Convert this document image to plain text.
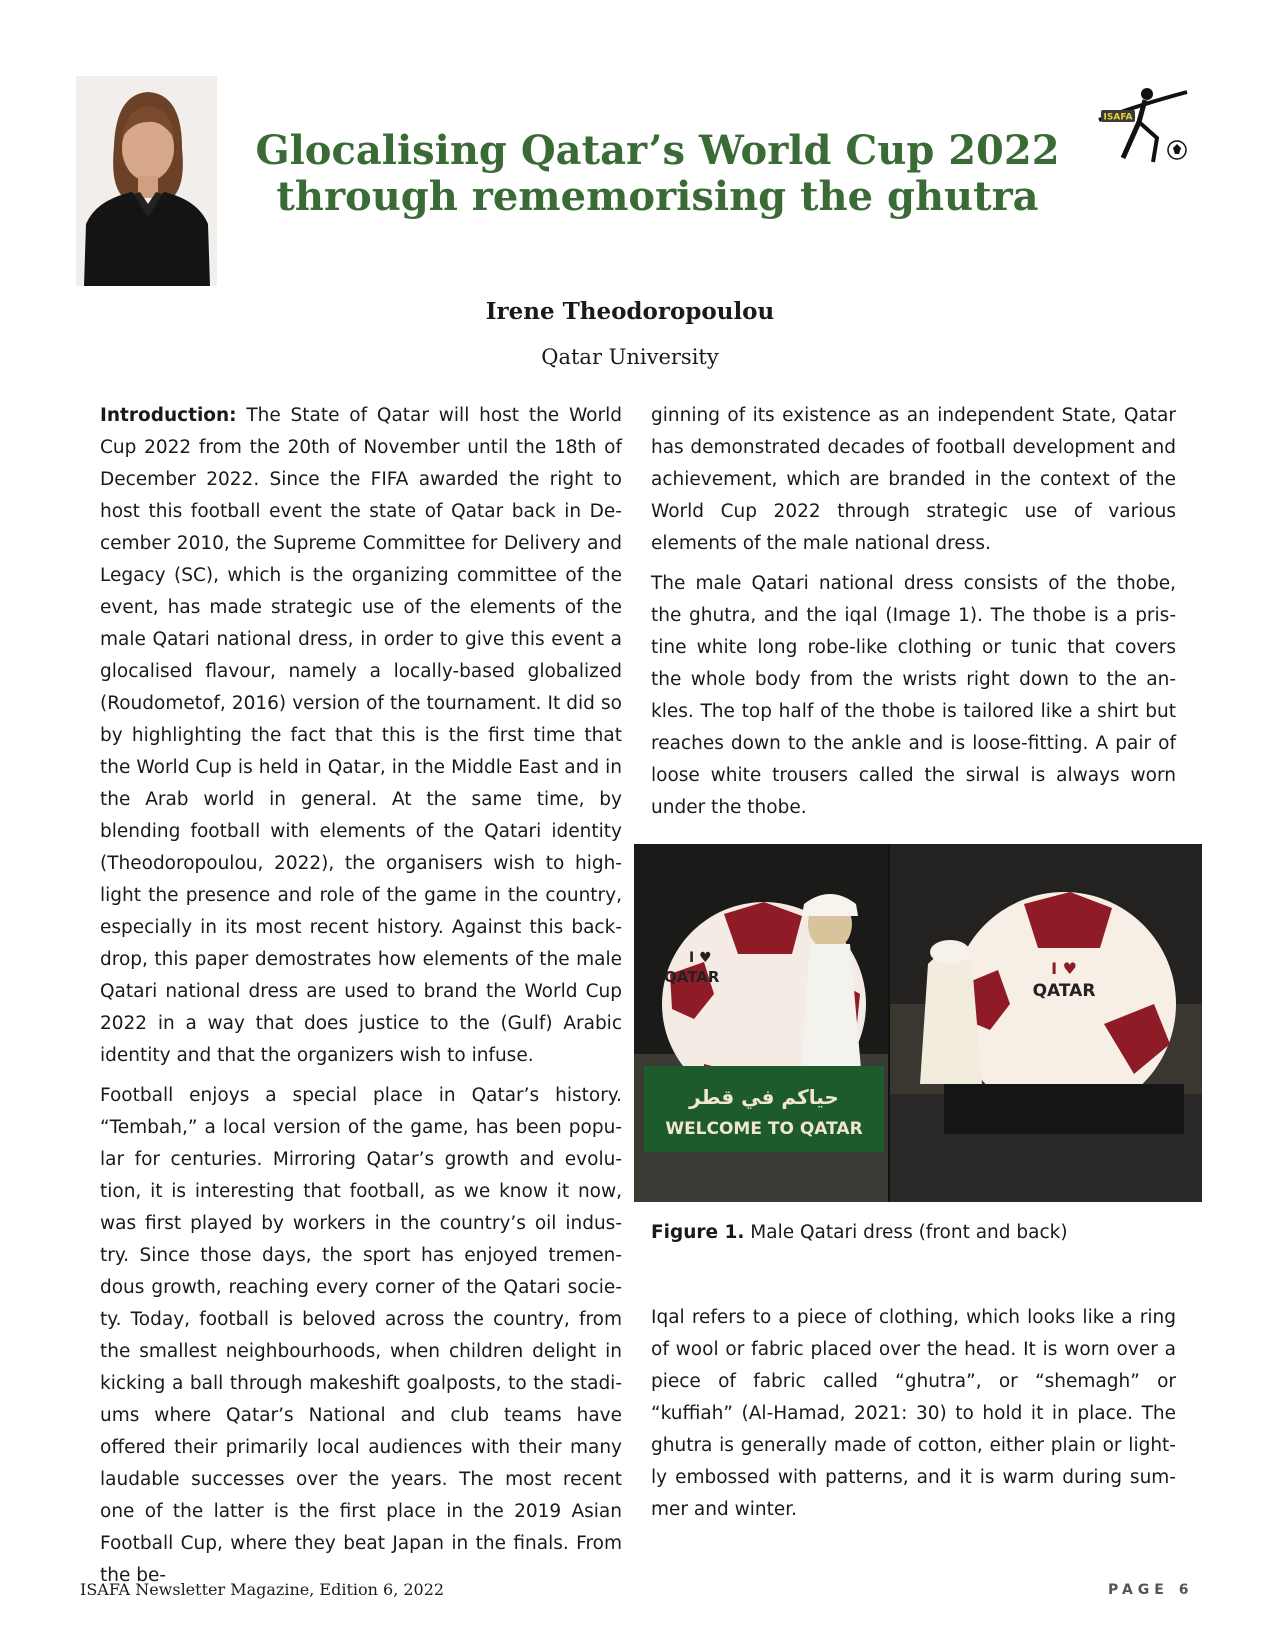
ISAFA
Glocalising Qatar’s World Cup 2022
through rememorising the ghutra
Irene Theodoropoulou
Qatar University

Introduction: The State of Qatar will host the World Cup 2022 from the 20th of November until the 18th of December 2022. Since the FIFA awarded the right to host this football event the state of Qatar back in De-cember 2010, the Supreme Committee for Delivery and Legacy (SC), which is the organizing committee of the event, has made strategic use of the elements of the male Qatari national dress, in order to give this event a glocalised flavour, namely a locally-based globalized (Roudometof, 2016) version of the tournament. It did so by highlighting the fact that this is the first time that the World Cup is held in Qatar, in the Middle East and in the Arab world in general. At the same time, by blending football with elements of the Qatari identity (Theodoropoulou, 2022), the organisers wish to high-light the presence and role of the game in the country, especially in its most recent history. Against this back-drop, this paper demostrates how elements of the male Qatari national dress are used to brand the World Cup 2022 in a way that does justice to the (Gulf) Arabic identity and that the organizers wish to infuse.

Football enjoys a special place in Qatar’s history. “Tembah,” a local version of the game, has been popu-lar for centuries. Mirroring Qatar’s growth and evolu-tion, it is interesting that football, as we know it now, was first played by workers in the country’s oil indus-try. Since those days, the sport has enjoyed tremen-dous growth, reaching every corner of the Qatari socie-ty. Today, football is beloved across the country, from the smallest neighbourhoods, when children delight in kicking a ball through makeshift goalposts, to the stadi-ums where Qatar’s National and club teams have offered their primarily local audiences with their many laudable successes over the years. The most recent one of the latter is the first place in the 2019 Asian Football Cup, where they beat Japan in the finals. From the be-

ginning of its existence as an independent State, Qatar has demonstrated decades of football development and achievement, which are branded in the context of the World Cup 2022 through strategic use of various elements of the male national dress.

The male Qatari national dress consists of the thobe, the ghutra, and the iqal (Image 1). The thobe is a pris-tine white long robe-like clothing or tunic that covers the whole body from the wrists right down to the an-kles. The top half of the thobe is tailored like a shirt but reaches down to the ankle and is loose-fitting. A pair of loose white trousers called the sirwal is always worn under the thobe.

I ♥
QATAR
حياكم في قطر
WELCOME TO QATAR
I ♥
QATAR
Figure 1. Male Qatari dress (front and back)

Iqal refers to a piece of clothing, which looks like a ring of wool or fabric placed over the head. It is worn over a piece of fabric called “ghutra”, or “shemagh” or “kuffiah” (Al-Hamad, 2021: 30) to hold it in place. The ghutra is generally made of cotton, either plain or light-ly embossed with patterns, and it is warm during sum-mer and winter.

ISAFA Newsletter Magazine, Edition 6, 2022	PAGE 6
